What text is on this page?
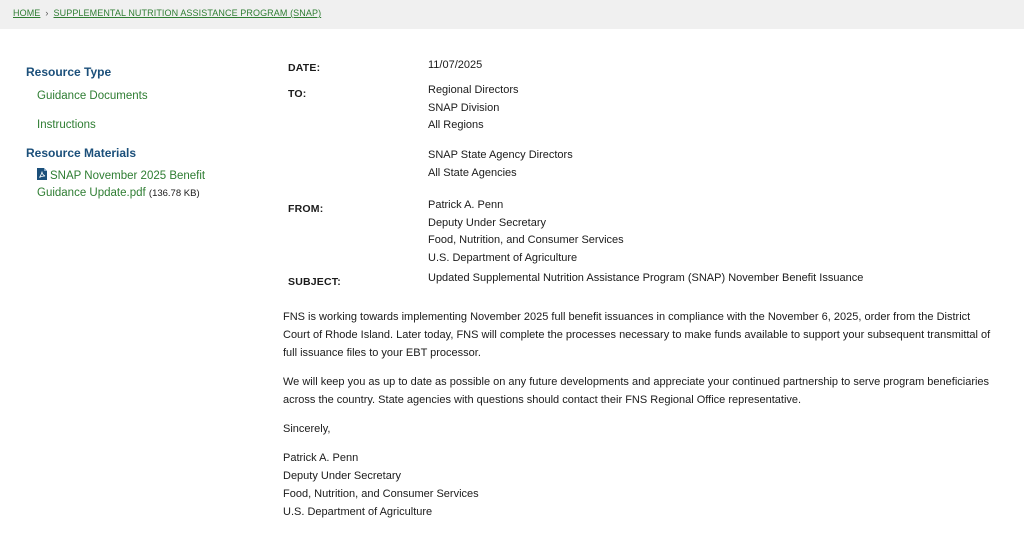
HOME › SUPPLEMENTAL NUTRITION ASSISTANCE PROGRAM (SNAP)
Resource Type
Guidance Documents
Instructions
Resource Materials
SNAP November 2025 Benefit
Guidance Update.pdf (136.78 KB)
DATE:	11/07/2025
TO:	Regional Directors
SNAP Division
All Regions
SNAP State Agency Directors
All State Agencies
FROM:	Patrick A. Penn
Deputy Under Secretary
Food, Nutrition, and Consumer Services
U.S. Department of Agriculture
SUBJECT:	Updated Supplemental Nutrition Assistance Program (SNAP) November Benefit Issuance

FNS is working towards implementing November 2025 full benefit issuances in compliance with the November 6, 2025, order from the District Court of Rhode Island. Later today, FNS will complete the processes necessary to make funds available to support your subsequent transmittal of full issuance files to your EBT processor.

We will keep you as up to date as possible on any future developments and appreciate your continued partnership to serve program beneficiaries across the country. State agencies with questions should contact their FNS Regional Office representative.

Sincerely,
Patrick A. Penn
Deputy Under Secretary
Food, Nutrition, and Consumer Services
U.S. Department of Agriculture
